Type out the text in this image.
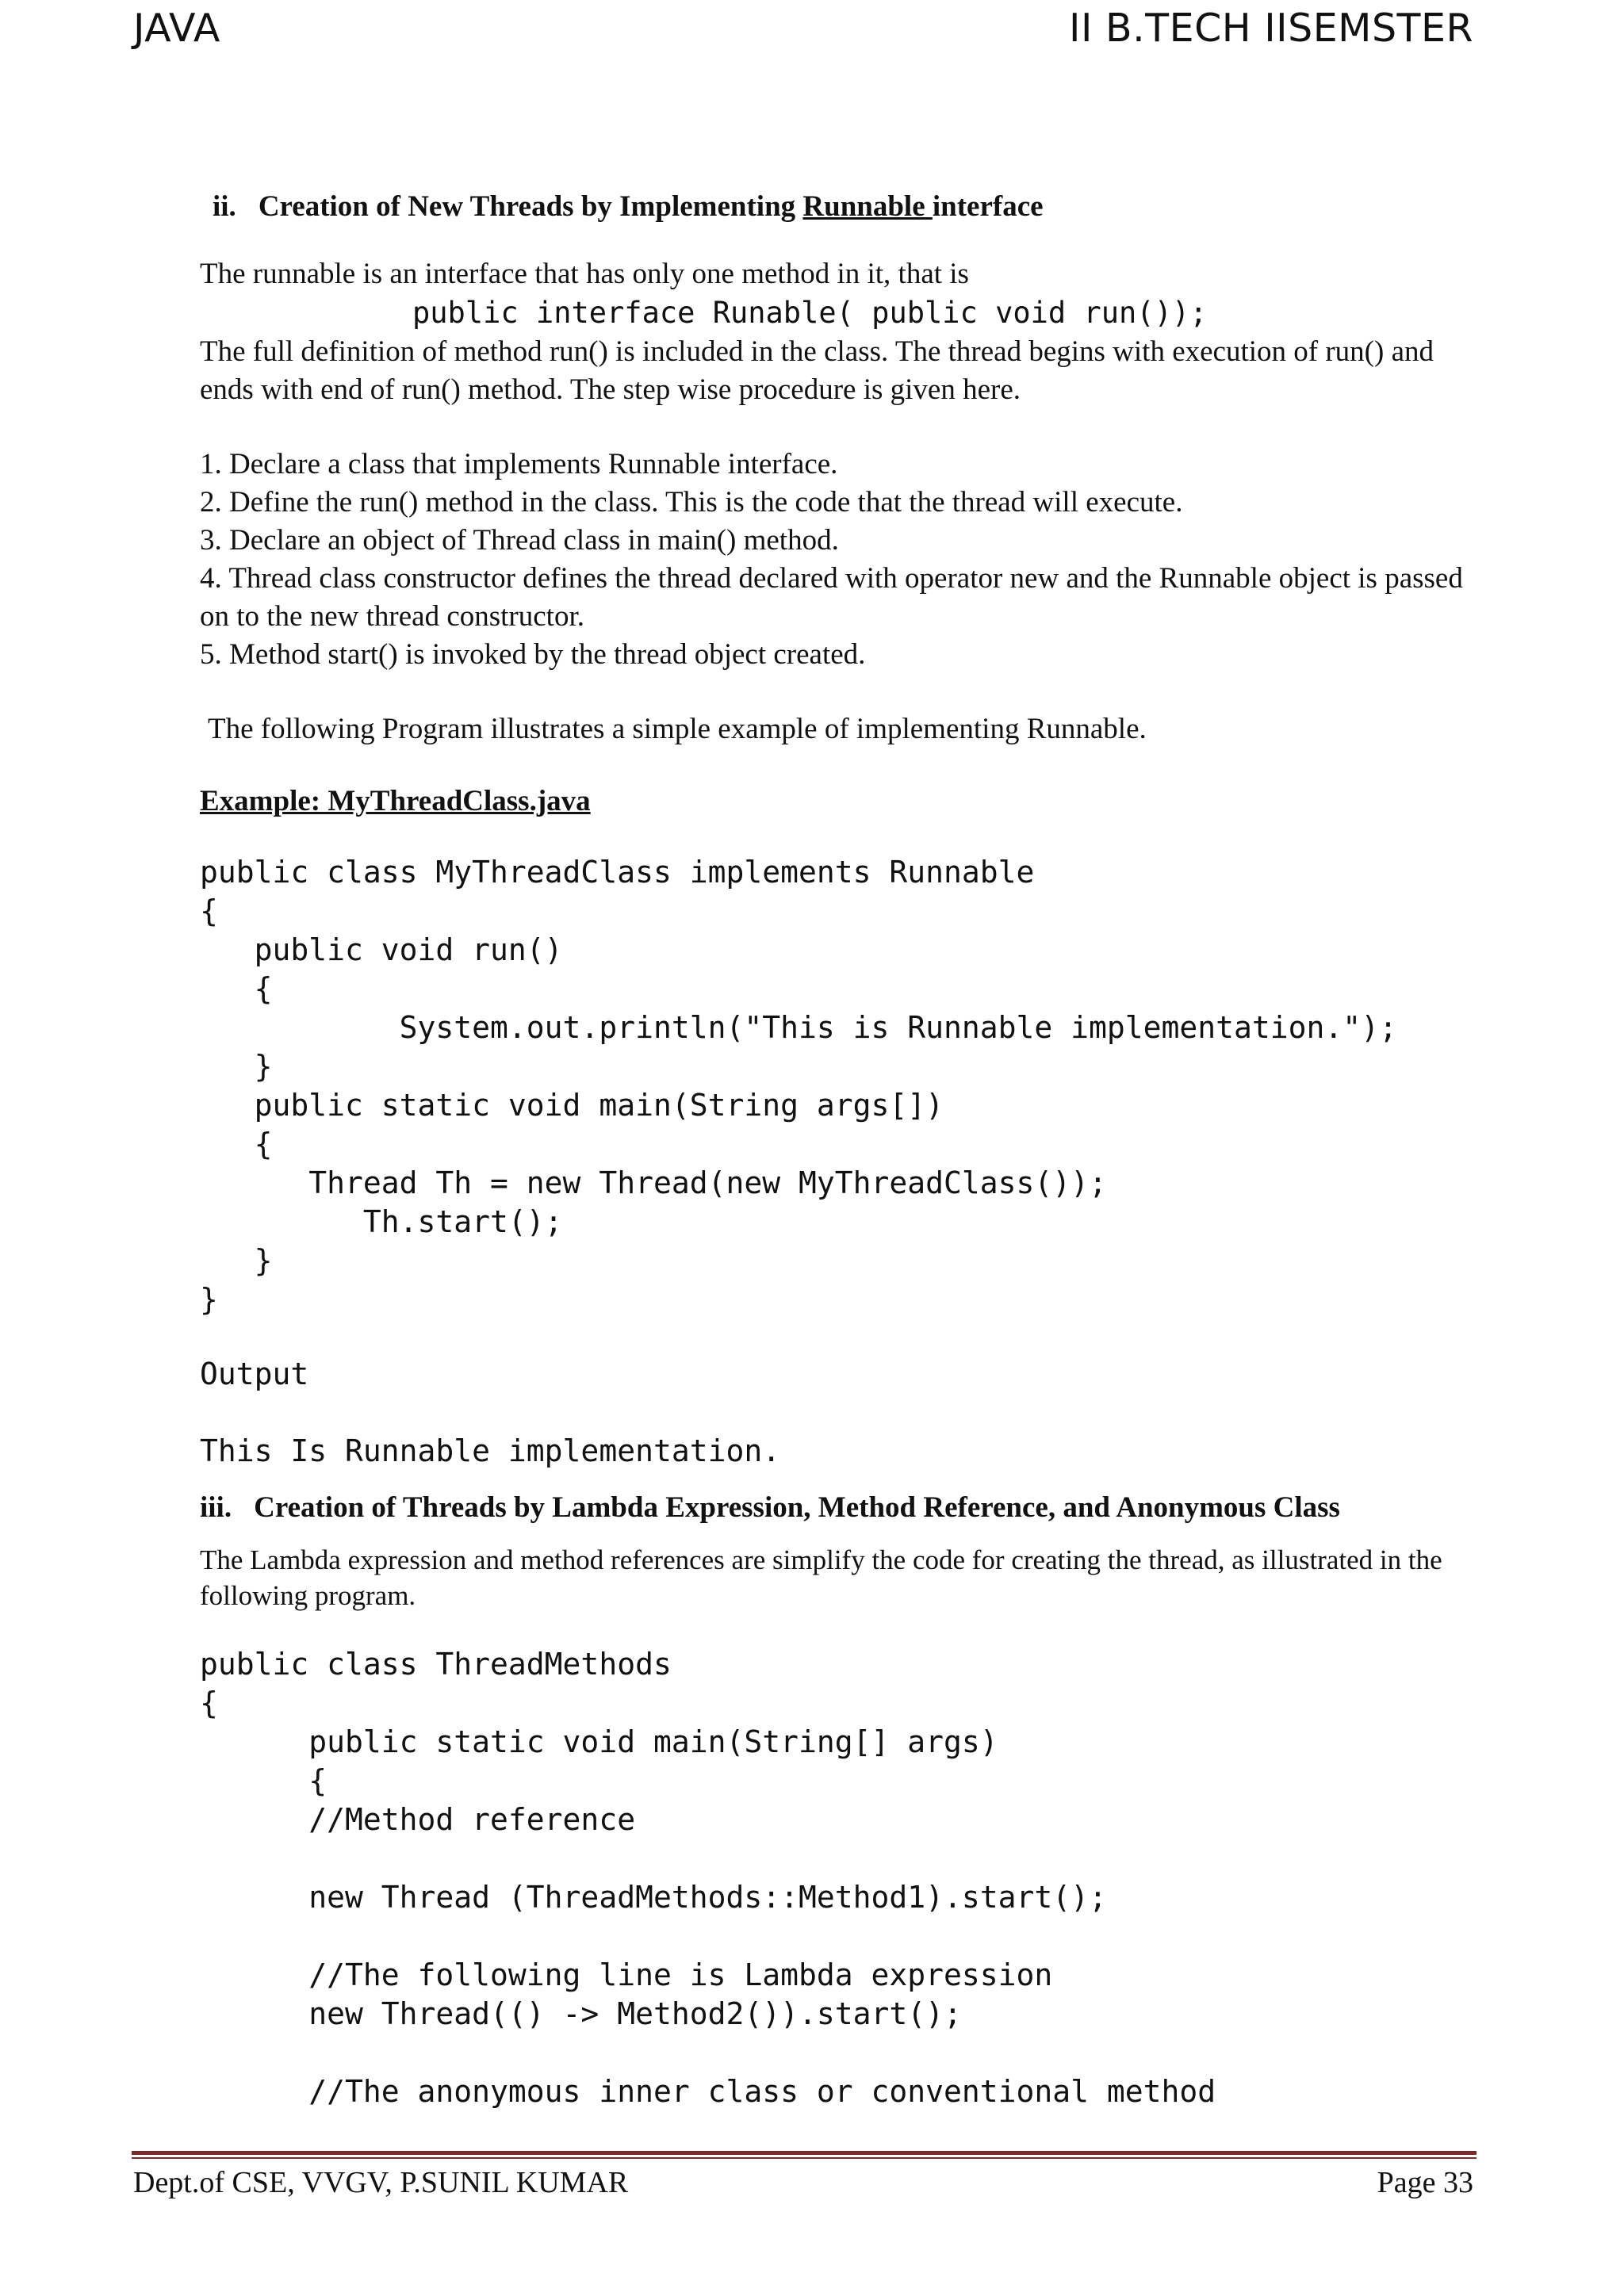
JAVA	II B.TECH IISEMSTER

ii. Creation of New Threads by Implementing Runnable interface

The runnable is an interface that has only one method in it, that is

public interface Runable( public void run());

The full definition of method run() is included in the class. The thread begins with execution of run() and ends with end of run() method. The step wise procedure is given here.

1. Declare a class that implements Runnable interface.
2. Define the run() method in the class. This is the code that the thread will execute.
3. Declare an object of Thread class in main() method.
4. Thread class constructor defines the thread declared with operator new and the Runnable object is passed on to the new thread constructor.
5. Method start() is invoked by the thread object created.

The following Program illustrates a simple example of implementing Runnable.

Example: MyThreadClass.java

public class MyThreadClass implements Runnable

{

public void run()

{

System.out.println("This is Runnable implementation.");

}

public static void main(String args[])

{

Thread Th = new Thread(new MyThreadClass());

Th.start();

}

}

Output

This Is Runnable implementation.

iii. Creation of Threads by Lambda Expression, Method Reference, and Anonymous Class

The Lambda expression and method references are simplify the code for creating the thread, as illustrated in the following program.

public class ThreadMethods

{

public static void main(String[] args)

{

//Method reference

new Thread (ThreadMethods::Method1).start();

//The following line is Lambda expression

new Thread(() -> Method2()).start();

//The anonymous inner class or conventional method

Dept.of CSE, VVGV, P.SUNIL KUMAR	Page 33
